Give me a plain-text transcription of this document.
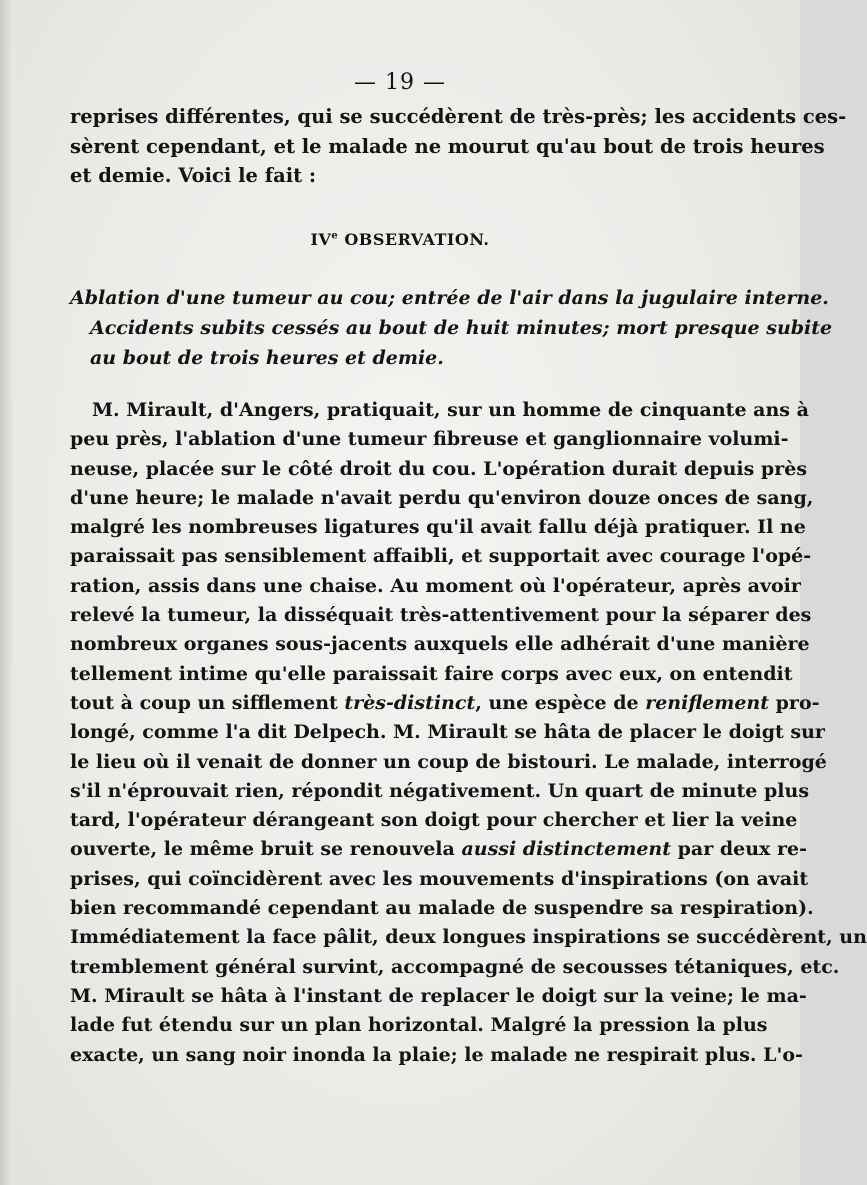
— 19 —
reprises différentes, qui se succédèrent de très-près; les accidents ces-
sèrent cependant, et le malade ne mourut qu'au bout de trois heures
et demie. Voici le fait :
IVe OBSERVATION.
Ablation d'une tumeur au cou; entrée de l'air dans la jugulaire interne.
Accidents subits cessés au bout de huit minutes; mort presque subite
au bout de trois heures et demie.
M. Mirault, d'Angers, pratiquait, sur un homme de cinquante ans à
peu près, l'ablation d'une tumeur fibreuse et ganglionnaire volumi-
neuse, placée sur le côté droit du cou. L'opération durait depuis près
d'une heure; le malade n'avait perdu qu'environ douze onces de sang,
malgré les nombreuses ligatures qu'il avait fallu déjà pratiquer. Il ne
paraissait pas sensiblement affaibli, et supportait avec courage l'opé-
ration, assis dans une chaise. Au moment où l'opérateur, après avoir
relevé la tumeur, la disséquait très-attentivement pour la séparer des
nombreux organes sous-jacents auxquels elle adhérait d'une manière
tellement intime qu'elle paraissait faire corps avec eux, on entendit
tout à coup un sifflement très-distinct, une espèce de reniflement pro-
longé, comme l'a dit Delpech. M. Mirault se hâta de placer le doigt sur
le lieu où il venait de donner un coup de bistouri. Le malade, interrogé
s'il n'éprouvait rien, répondit négativement. Un quart de minute plus
tard, l'opérateur dérangeant son doigt pour chercher et lier la veine
ouverte, le même bruit se renouvela aussi distinctement par deux re-
prises, qui coïncidèrent avec les mouvements d'inspirations (on avait
bien recommandé cependant au malade de suspendre sa respiration).
Immédiatement la face pâlit, deux longues inspirations se succédèrent, un
tremblement général survint, accompagné de secousses tétaniques, etc.
M. Mirault se hâta à l'instant de replacer le doigt sur la veine; le ma-
lade fut étendu sur un plan horizontal. Malgré la pression la plus
exacte, un sang noir inonda la plaie; le malade ne respirait plus. L'o-
